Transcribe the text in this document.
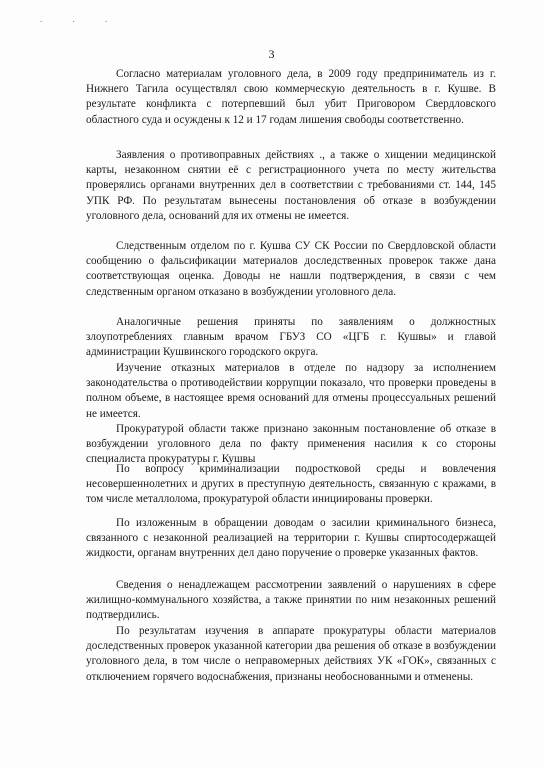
. . .
3

Согласно материалам уголовного дела, в 2009 году предприниматель из г. Нижнего Тагила осуществлял свою коммерческую деятельность в г. Кушве. В результате конфликта с потерпевший был убит Приговором Свердловского областного суда и осуждены к 12 и 17 годам лишения свободы соответственно.

Заявления о противоправных действиях ., а также о хищении медицинской карты, незаконном снятии её с регистрационного учета по месту жительства проверялись органами внутренних дел в соответствии с требованиями ст. 144, 145 УПК РФ. По результатам вынесены постановления об отказе в возбуждении уголовного дела, оснований для их отмены не имеется.

Следственным отделом по г. Кушва СУ СК России по Свердловской области сообщению о фальсификации материалов доследственных проверок также дана соответствующая оценка. Доводы не нашли подтверждения, в связи с чем следственным органом отказано в возбуждении уголовного дела.

Аналогичные решения приняты по заявлениям о должностных злоупотреблениях главным врачом ГБУЗ СО «ЦГБ г. Кушвы» и главой администрации Кушвинского городского округа.

Изучение отказных материалов в отделе по надзору за исполнением законодательства о противодействии коррупции показало, что проверки проведены в полном объеме, в настоящее время оснований для отмены процессуальных решений не имеется.

Прокуратурой области также признано законным постановление об отказе в возбуждении уголовного дела по факту применения насилия к со стороны специалиста прокуратуры г. Кушвы

По вопросу криминализации подростковой среды и вовлечения несовершеннолетних и других в преступную деятельность, связанную с кражами, в том числе металлолома, прокуратурой области инициированы проверки.

По изложенным в обращении доводам о засилии криминального бизнеса, связанного с незаконной реализацией на территории г. Кушвы спиртосодержащей жидкости, органам внутренних дел дано поручение о проверке указанных фактов.

Сведения о ненадлежащем рассмотрении заявлений о нарушениях в сфере жилищно-коммунального хозяйства, а также принятии по ним незаконных решений подтвердились.

По результатам изучения в аппарате прокуратуры области материалов доследственных проверок указанной категории два решения об отказе в возбуждении уголовного дела, в том числе о неправомерных действиях УК «ГОК», связанных с отключением горячего водоснабжения, признаны необоснованными и отменены.
